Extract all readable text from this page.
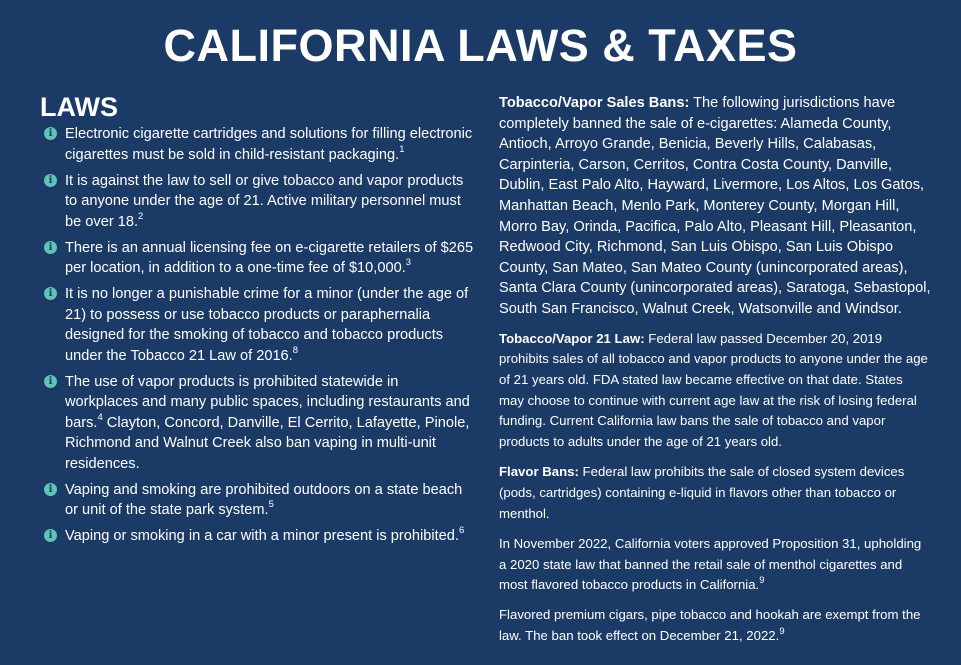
CALIFORNIA LAWS & TAXES
LAWS
i Electronic cigarette cartridges and solutions for filling electronic cigarettes must be sold in child-resistant packaging.$^1$
i It is against the law to sell or give tobacco and vapor products to anyone under the age of 21. Active military personnel must be over 18.$^2$
i There is an annual licensing fee on e-cigarette retailers of $265 per location, in addition to a one-time fee of $10,000.$^3$
i It is no longer a punishable crime for a minor (under the age of 21) to possess or use tobacco products or paraphernalia designed for the smoking of tobacco and tobacco products under the Tobacco 21 Law of 2016.$^8$
i The use of vapor products is prohibited statewide in workplaces and many public spaces, including restaurants and bars.$^4$ Clayton, Concord, Danville, El Cerrito, Lafayette, Pinole, Richmond and Walnut Creek also ban vaping in multi-unit residences.
i Vaping and smoking are prohibited outdoors on a state beach or unit of the state park system.$^5$
i Vaping or smoking in a car with a minor present is prohibited.$^6$

Tobacco/Vapor Sales Bans: The following jurisdictions have completely banned the sale of e-cigarettes: Alameda County, Antioch, Arroyo Grande, Benicia, Beverly Hills, Calabasas, Carpinteria, Carson, Cerritos, Contra Costa County, Danville, Dublin, East Palo Alto, Hayward, Livermore, Los Altos, Los Gatos, Manhattan Beach, Menlo Park, Monterey County, Morgan Hill, Morro Bay, Orinda, Pacifica, Palo Alto, Pleasant Hill, Pleasanton, Redwood City, Richmond, San Luis Obispo, San Luis Obispo County, San Mateo, San Mateo County (unincorporated areas), Santa Clara County (unincorporated areas), Saratoga, Sebastopol, South San Francisco, Walnut Creek, Watsonville and Windsor.

Tobacco/Vapor 21 Law: Federal law passed December 20, 2019 prohibits sales of all tobacco and vapor products to anyone under the age of 21 years old. FDA stated law became effective on that date. States may choose to continue with current age law at the risk of losing federal funding. Current California law bans the sale of tobacco and vapor products to adults under the age of 21 years old.

Flavor Bans: Federal law prohibits the sale of closed system devices (pods, cartridges) containing e-liquid in flavors other than tobacco or menthol.

In November 2022, California voters approved Proposition 31, upholding a 2020 state law that banned the retail sale of menthol cigarettes and most flavored tobacco products in California.$^9$

Flavored premium cigars, pipe tobacco and hookah are exempt from the law. The ban took effect on December 21, 2022.$^9$
